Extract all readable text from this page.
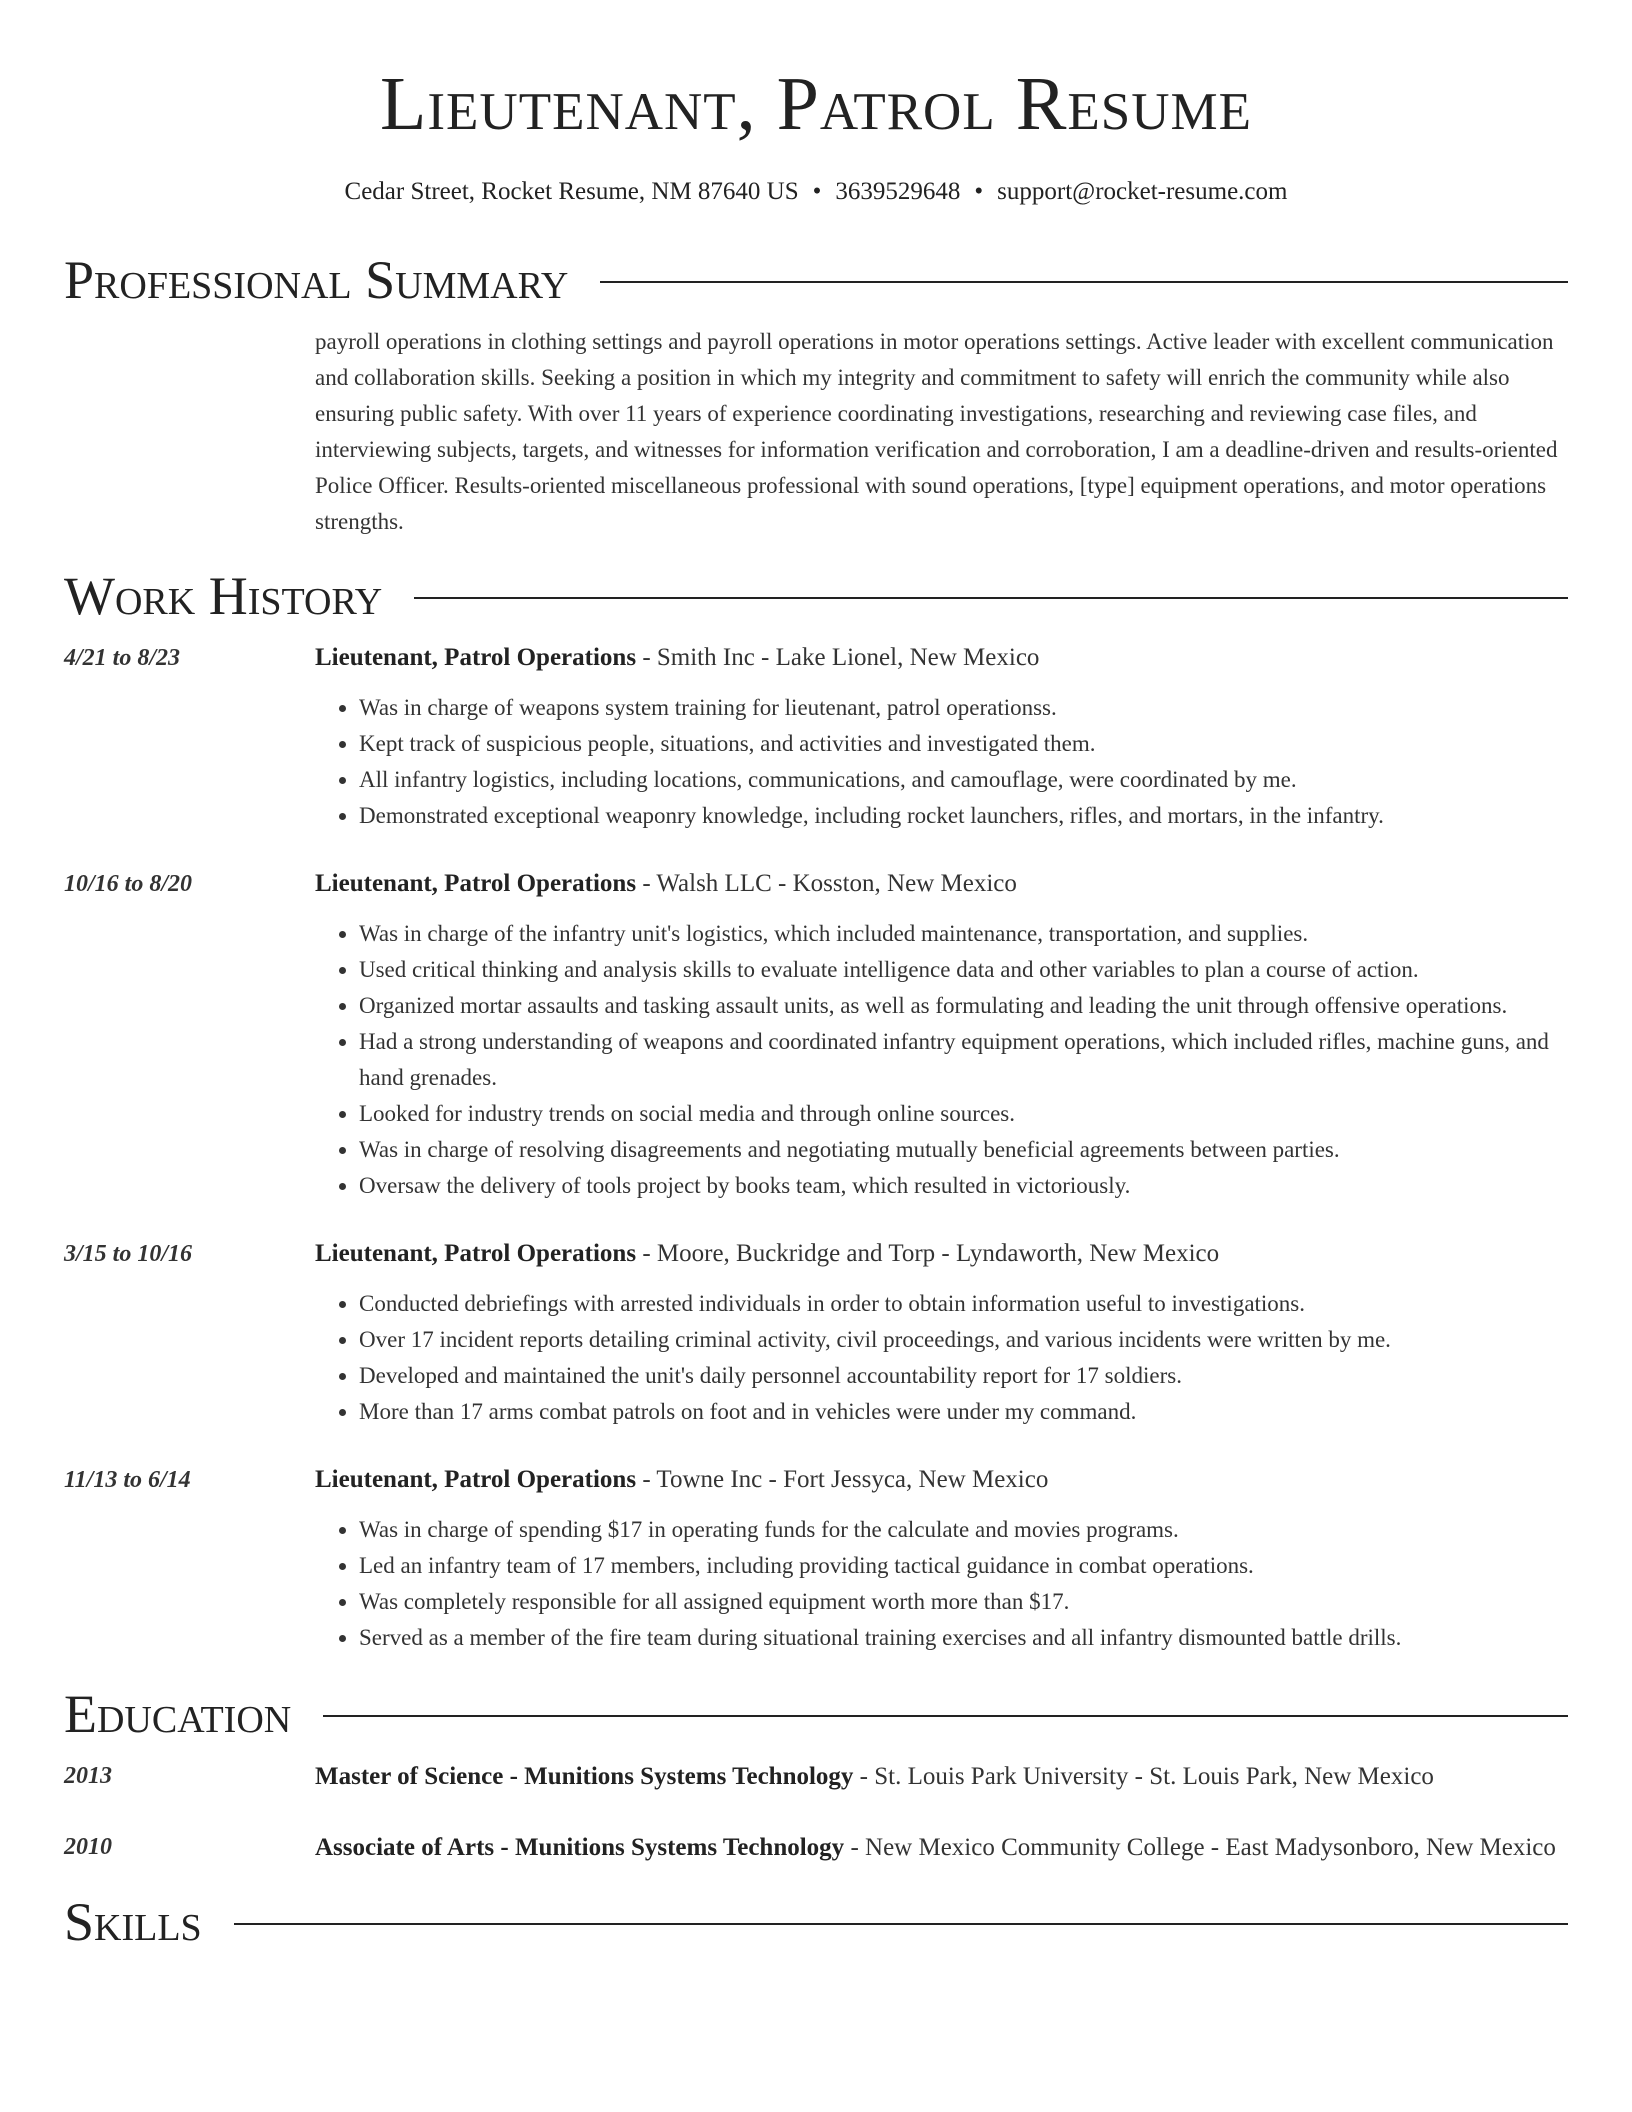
Lieutenant, Patrol Resume
Cedar Street, Rocket Resume, NM 87640 US • 3639529648 • support@rocket-resume.com
Professional Summary
payroll operations in clothing settings and payroll operations in motor operations settings. Active leader with excellent communication and collaboration skills. Seeking a position in which my integrity and commitment to safety will enrich the community while also ensuring public safety. With over 11 years of experience coordinating investigations, researching and reviewing case files, and interviewing subjects, targets, and witnesses for information verification and corroboration, I am a deadline-driven and results-oriented Police Officer. Results-oriented miscellaneous professional with sound operations, [type] equipment operations, and motor operations strengths.
Work History
4/21 to 8/23	Lieutenant, Patrol Operations - Smith Inc - Lake Lionel, New Mexico
• Was in charge of weapons system training for lieutenant, patrol operationss.
• Kept track of suspicious people, situations, and activities and investigated them.
• All infantry logistics, including locations, communications, and camouflage, were coordinated by me.
• Demonstrated exceptional weaponry knowledge, including rocket launchers, rifles, and mortars, in the infantry.
10/16 to 8/20	Lieutenant, Patrol Operations - Walsh LLC - Kosston, New Mexico
• Was in charge of the infantry unit's logistics, which included maintenance, transportation, and supplies.
• Used critical thinking and analysis skills to evaluate intelligence data and other variables to plan a course of action.
• Organized mortar assaults and tasking assault units, as well as formulating and leading the unit through offensive operations.
• Had a strong understanding of weapons and coordinated infantry equipment operations, which included rifles, machine guns, and hand grenades.
• Looked for industry trends on social media and through online sources.
• Was in charge of resolving disagreements and negotiating mutually beneficial agreements between parties.
• Oversaw the delivery of tools project by books team, which resulted in victoriously.
3/15 to 10/16	Lieutenant, Patrol Operations - Moore, Buckridge and Torp - Lyndaworth, New Mexico
• Conducted debriefings with arrested individuals in order to obtain information useful to investigations.
• Over 17 incident reports detailing criminal activity, civil proceedings, and various incidents were written by me.
• Developed and maintained the unit's daily personnel accountability report for 17 soldiers.
• More than 17 arms combat patrols on foot and in vehicles were under my command.
11/13 to 6/14	Lieutenant, Patrol Operations - Towne Inc - Fort Jessyca, New Mexico
• Was in charge of spending $17 in operating funds for the calculate and movies programs.
• Led an infantry team of 17 members, including providing tactical guidance in combat operations.
• Was completely responsible for all assigned equipment worth more than $17.
• Served as a member of the fire team during situational training exercises and all infantry dismounted battle drills.
Education
2013	Master of Science - Munitions Systems Technology - St. Louis Park University - St. Louis Park, New Mexico
2010	Associate of Arts - Munitions Systems Technology - New Mexico Community College - East Madysonboro, New Mexico
Skills
